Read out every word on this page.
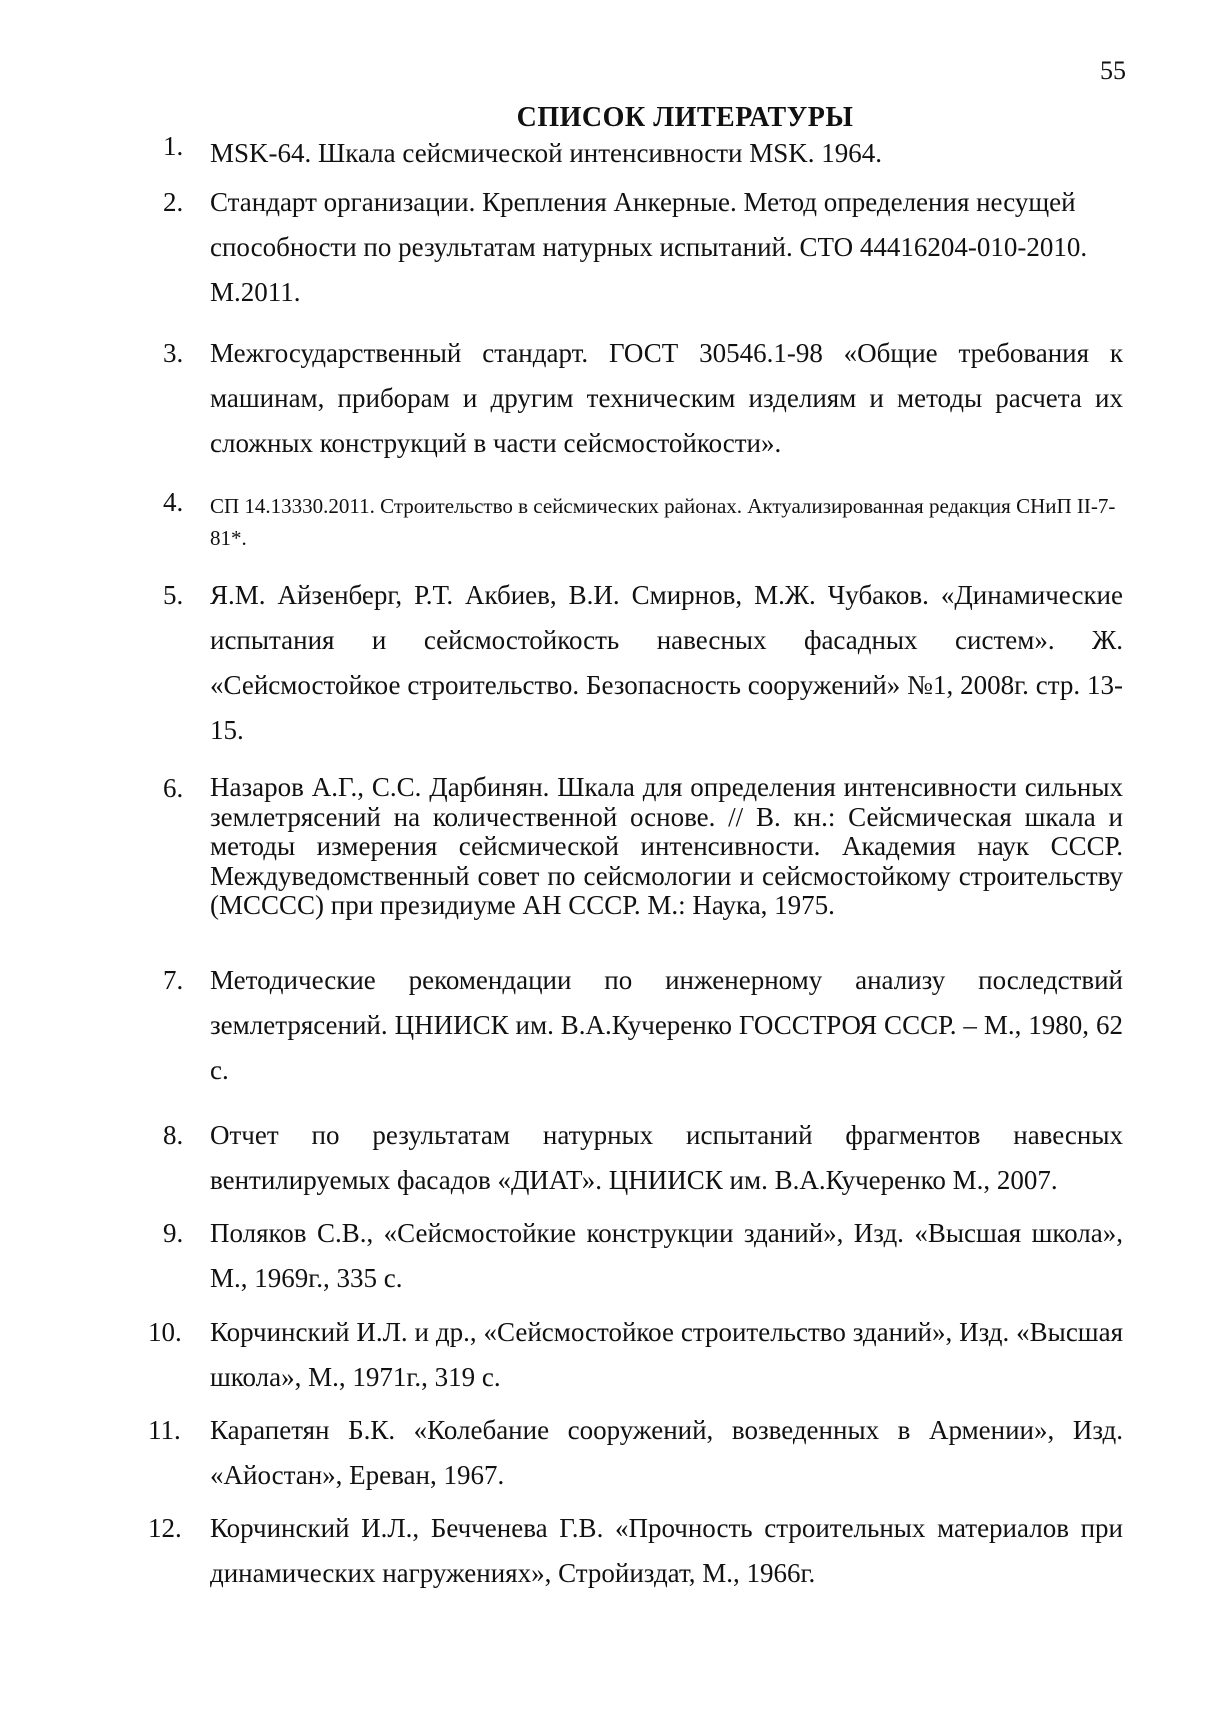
55
СПИСОК ЛИТЕРАТУРЫ
1. MSK-64. Шкала сейсмической интенсивности MSK. 1964.
2. Стандарт организации. Крепления Анкерные. Метод определения несущей способности по результатам натурных испытаний. СТО 44416204-010-2010. М.2011.
3. Межгосударственный стандарт. ГОСТ 30546.1-98 «Общие требования к машинам, приборам и другим техническим изделиям и методы расчета их сложных конструкций в части сейсмостойкости».
4. СП 14.13330.2011. Строительство в сейсмических районах. Актуализированная редакция СНиП II-7-81*.
5. Я.М. Айзенберг, Р.Т. Акбиев, В.И. Смирнов, М.Ж. Чубаков. «Динамические испытания и сейсмостойкость навесных фасадных систем». Ж. «Сейсмостойкое строительство. Безопасность сооружений» №1, 2008г. стр. 13-15.
6. Назаров А.Г., С.С. Дарбинян. Шкала для определения интенсивности сильных землетрясений на количественной основе. // В. кн.: Сейсмическая шкала и методы измерения сейсмической интенсивности. Академия наук СССР. Междуведомственный совет по сейсмологии и сейсмостойкому строительству (МСССС) при президиуме АН СССР. М.: Наука, 1975.
7. Методические рекомендации по инженерному анализу последствий землетрясений. ЦНИИСК им. В.А.Кучеренко ГОССТРОЯ СССР. – М., 1980, 62 с.
8. Отчет по результатам натурных испытаний фрагментов навесных вентилируемых фасадов «ДИАТ». ЦНИИСК им. В.А.Кучеренко М., 2007.
9. Поляков С.В., «Сейсмостойкие конструкции зданий», Изд. «Высшая школа», М., 1969г., 335 с.
10. Корчинский И.Л. и др., «Сейсмостойкое строительство зданий», Изд. «Высшая школа», М., 1971г., 319 с.
11. Карапетян Б.К. «Колебание сооружений, возведенных в Армении», Изд. «Айостан», Ереван, 1967.
12. Корчинский И.Л., Бечченева Г.В. «Прочность строительных материалов при динамических нагружениях», Стройиздат, М., 1966г.
